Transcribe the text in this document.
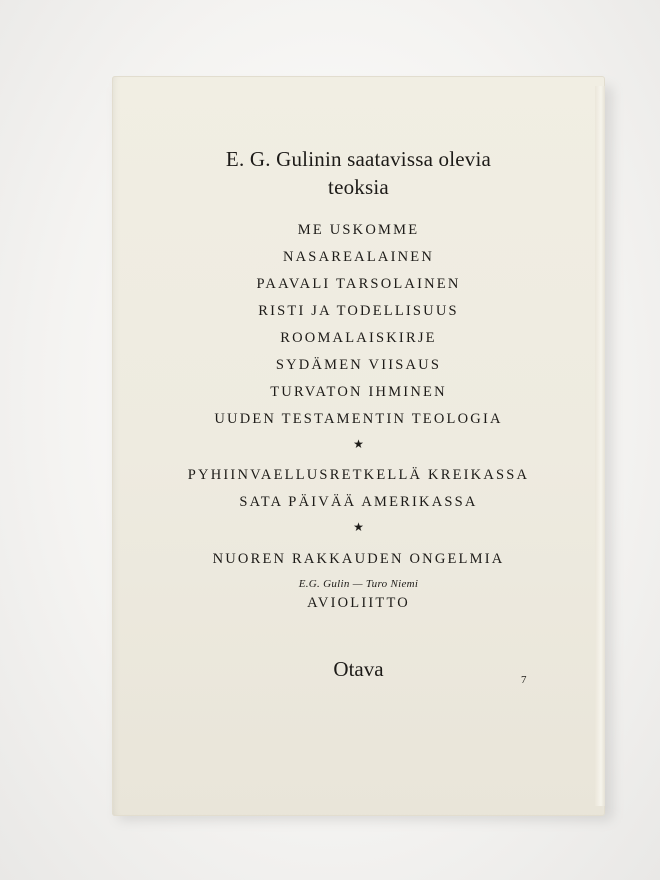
E. G. Gulinin saatavissa olevia
teoksia
ME USKOMME
NASAREALAINEN
PAAVALI TARSOLAINEN
RISTI JA TODELLISUUS
ROOMALAISKIRJE
SYDÄMEN VIISAUS
TURVATON IHMINEN
UUDEN TESTAMENTIN TEOLOGIA
★
PYHIINVAELLUSRETKELLÄ KREIKASSA
SATA PÄIVÄÄ AMERIKASSA
★
NUOREN RAKKAUDEN ONGELMIA
E.G. Gulin — Turo Niemi
AVIOLIITTO
Otava	7
